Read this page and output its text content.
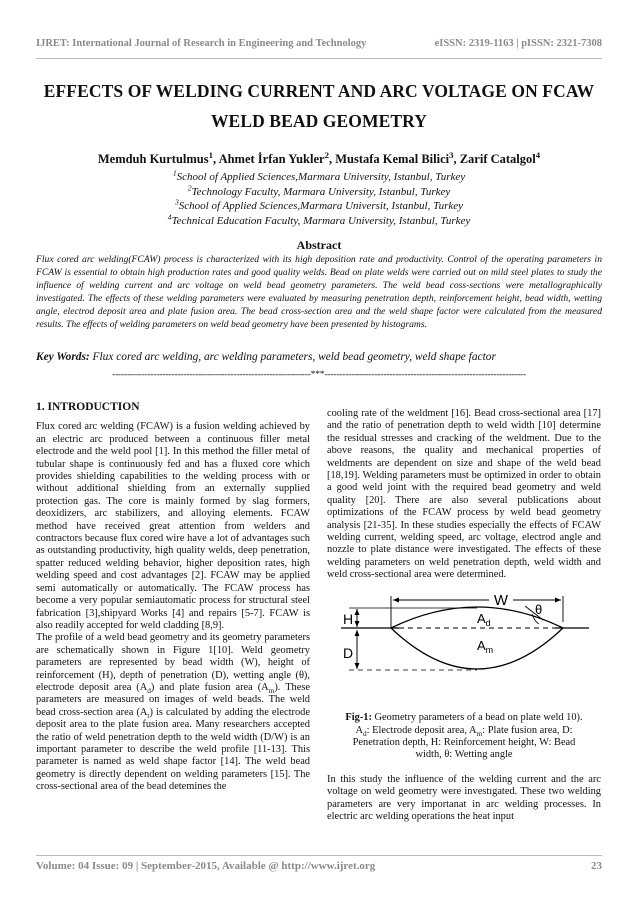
IJRET: International Journal of Research in Engineering and Technology	eISSN: 2319-1163 | pISSN: 2321-7308
EFFECTS OF WELDING CURRENT AND ARC VOLTAGE ON FCAW
WELD BEAD GEOMETRY
Memduh Kurtulmus$^1$, Ahmet İrfan Yukler$^2$, Mustafa Kemal Bilici$^3$, Zarif Catalgol$^4$
$^1$School of Applied Sciences,Marmara University, Istanbul, Turkey
$^2$Technology Faculty, Marmara University, Istanbul, Turkey
$^3$School of Applied Sciences,Marmara Universit, Istanbul, Turkey
$^4$Technical Education Faculty, Marmara University, Istanbul, Turkey
Abstract
Flux cored arc welding(FCAW) process is characterized with its high deposition rate and productivity. Control of the operating parameters in FCAW is essential to obtain high production rates and good quality welds. Bead on plate welds were carried out on mild steel plates to study the influence of welding current and arc voltage on weld bead geometry parameters. The weld bead coss-sections were metallographically investigated. The effects of these welding parameters were evaluated by measuring penetration depth, reinforcement height, bead width, wetting angle, electrod deposit area and plate fusion area. The bead cross-section area and the weld shape factor were calculated from the measured results. The effects of welding parameters on weld bead geometry have been presented by histograms.
Key Words: Flux cored arc welding, arc welding parameters, weld bead geometry, weld shape factor
-------------------------------------------------------------------***--------------------------------------------------------------------
1. INTRODUCTION

Flux cored arc welding (FCAW) is a fusion welding achieved by an electric arc produced between a continuous filler metal electrode and the weld pool [1]. In this method the filler metal of tubular shape is continuously fed and has a fluxed core which provides shielding capabilities to the welding process with or without additional shielding from an externally supplied protection gas. The core is mainly formed by slag formers, deoxidizers, arc stabilizers, and alloying elements. FCAW method have received great attention from welders and contractors because flux cored wire have a lot of advantages such as outstanding productivity, high quality welds, deep penetration, spatter reduced welding behavior, higher deposition rates, high welding speed and cost advantages [2]. FCAW may be applied semi automatically or automatically. The FCAW process has become a very popular semiautomatic process for structural steel fabrication [3],shipyard Works [4] and repairs [5-7]. FCAW is also readily accepted for weld cladding [8,9].

The profile of a weld bead geometry and its geometry parameters are schematically shown in Figure 1[10]. Weld geometry parameters are represented by bead width (W), height of reinforcement (H), depth of penetration (D), wetting angle (θ), electrode deposit area $(A_d)$ and plate fusion area $(A_m)$. These parameters are measured on images of weld beads. The weld bead cross-section area $(A_t)$ is calculated by adding the electrode deposit area to the plate fusion area. Many researchers accepted the ratio of weld penetration depth to the weld width (D/W) is an important parameter to describe the weld profile [11-13]. This parameter is named as weld shape factor [14]. The weld bead geometry is directly dependent on welding parameters [15]. The cross-sectional area of the bead detemines the

cooling rate of the weldment [16]. Bead cross-sectional area [17] and the ratio of penetration depth to weld width [10] determine the residual stresses and cracking of the weldment. Due to the above reasons, the quality and mechanical properties of weldments are dependent on size and shape of the weld bead [18,19]. Welding parameters must be optimized in order to obtain a good weld joint with the required bead geometry and weld quality [20]. There are also several publications about optimizations of the FCAW process by weld bead geometry analysis [21-35]. In these studies especially the effects of FCAW welding current, welding speed, arc voltage, electrod angle and nozzle to plate distance were investigated. The effects of these welding parameters on weld penetration depth, weld width and weld cross-sectional area were determined.

W
H
D
θ
$A_d$
$A_m$
Fig-1: Geometry parameters of a bead on plate weld 10).
$A_d$: Electrode deposit area, $A_m$: Plate fusion area, D:
Penetration depth, H: Reinforcement height, W: Bead
width, θ: Wetting angle

In this study the influence of the welding current and the arc voltage on weld geometry were investıgated. These two welding parameters are very importanat in arc welding processes. In electric arc welding operations the heat input

Volume: 04 Issue: 09 | September-2015, Available @ http://www.ijret.org	23
